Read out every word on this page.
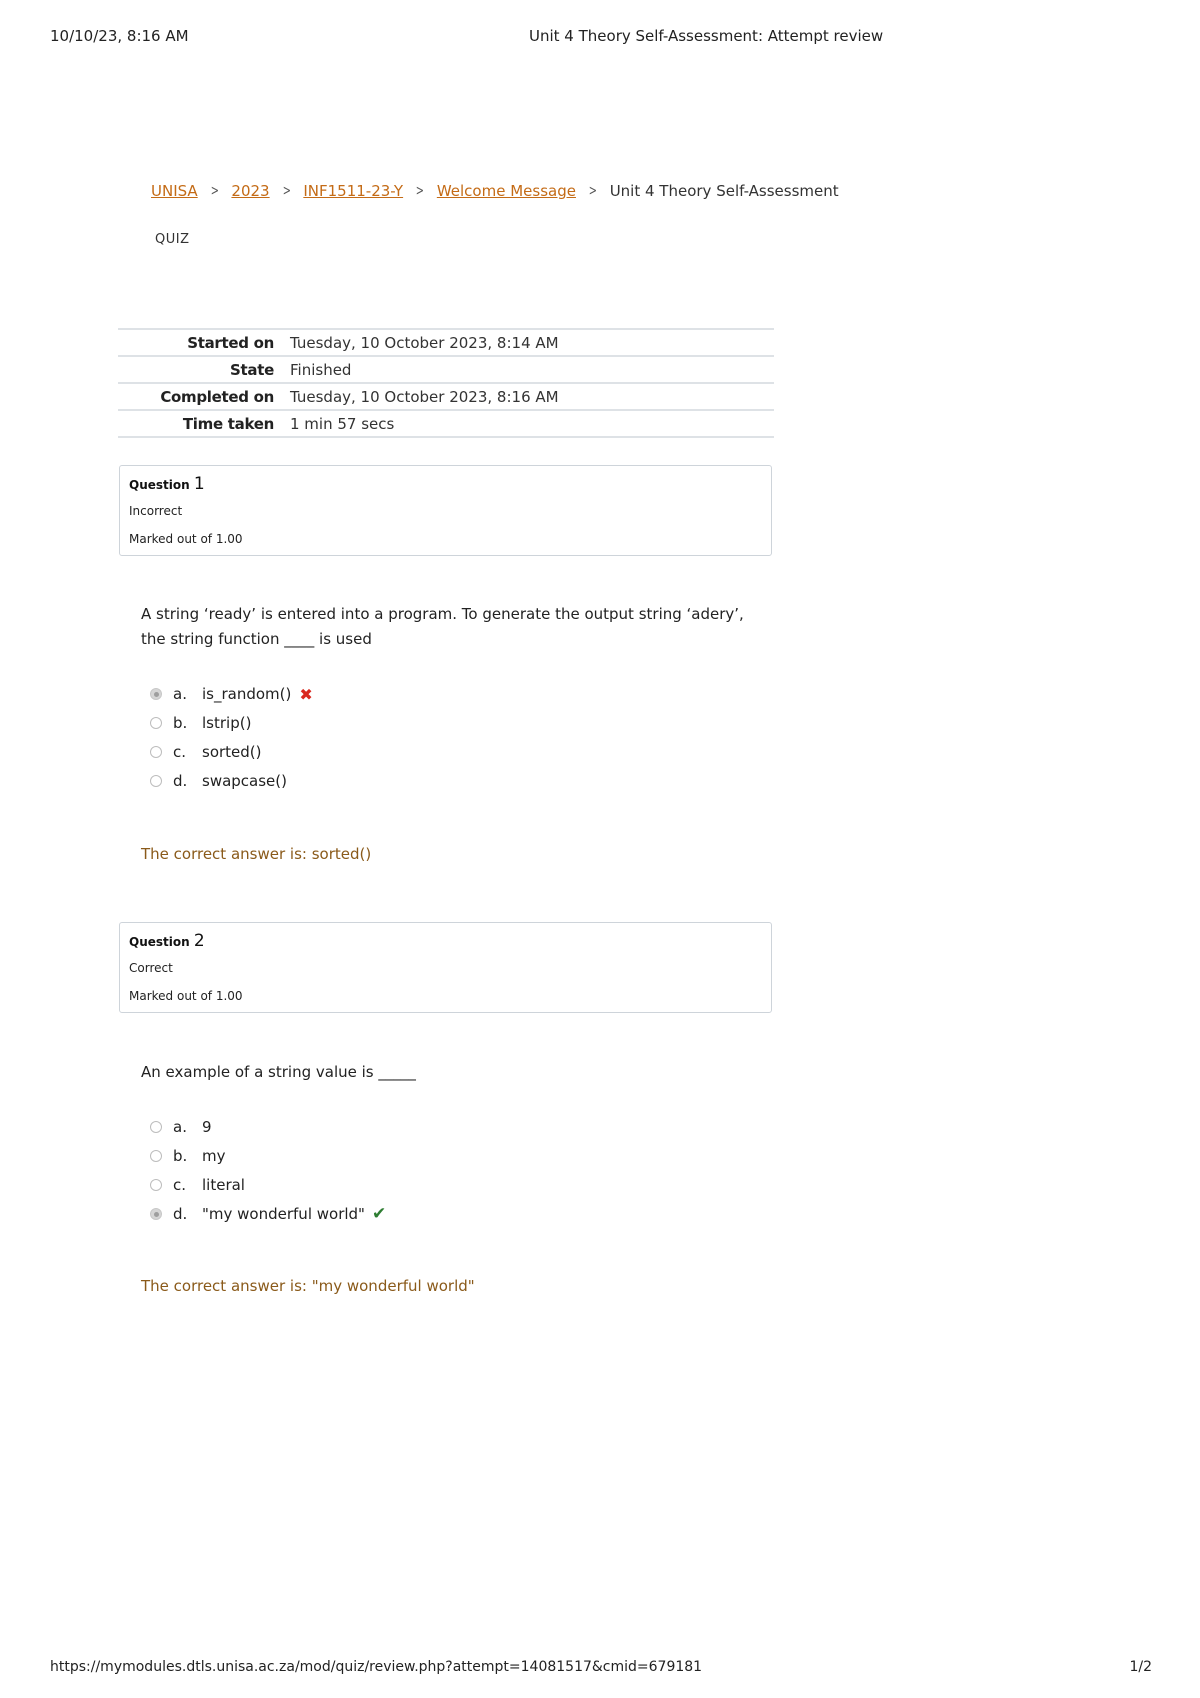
10/10/23, 8:16 AM	Unit 4 Theory Self-Assessment: Attempt review
UNISA > 2023 > INF1511-23-Y > Welcome Message > Unit 4 Theory Self-Assessment
QUIZ
Started on	Tuesday, 10 October 2023, 8:14 AM
State	Finished
Completed on	Tuesday, 10 October 2023, 8:16 AM
Time taken	1 min 57 secs
Question 1
Incorrect
Marked out of 1.00
A string ‘ready’ is entered into a program. To generate the output string ‘adery’, the string function ____ is used
a.	is_random() ✖
b. lstrip()
c.	sorted()
d. swapcase()
The correct answer is: sorted()
Question 2
Correct
Marked out of 1.00
An example of a string value is _____
a.	9
b. my
c.	literal
d. "my wonderful world" ✔
The correct answer is: "my wonderful world"
https://mymodules.dtls.unisa.ac.za/mod/quiz/review.php?attempt=14081517&cmid=679181	1/2
